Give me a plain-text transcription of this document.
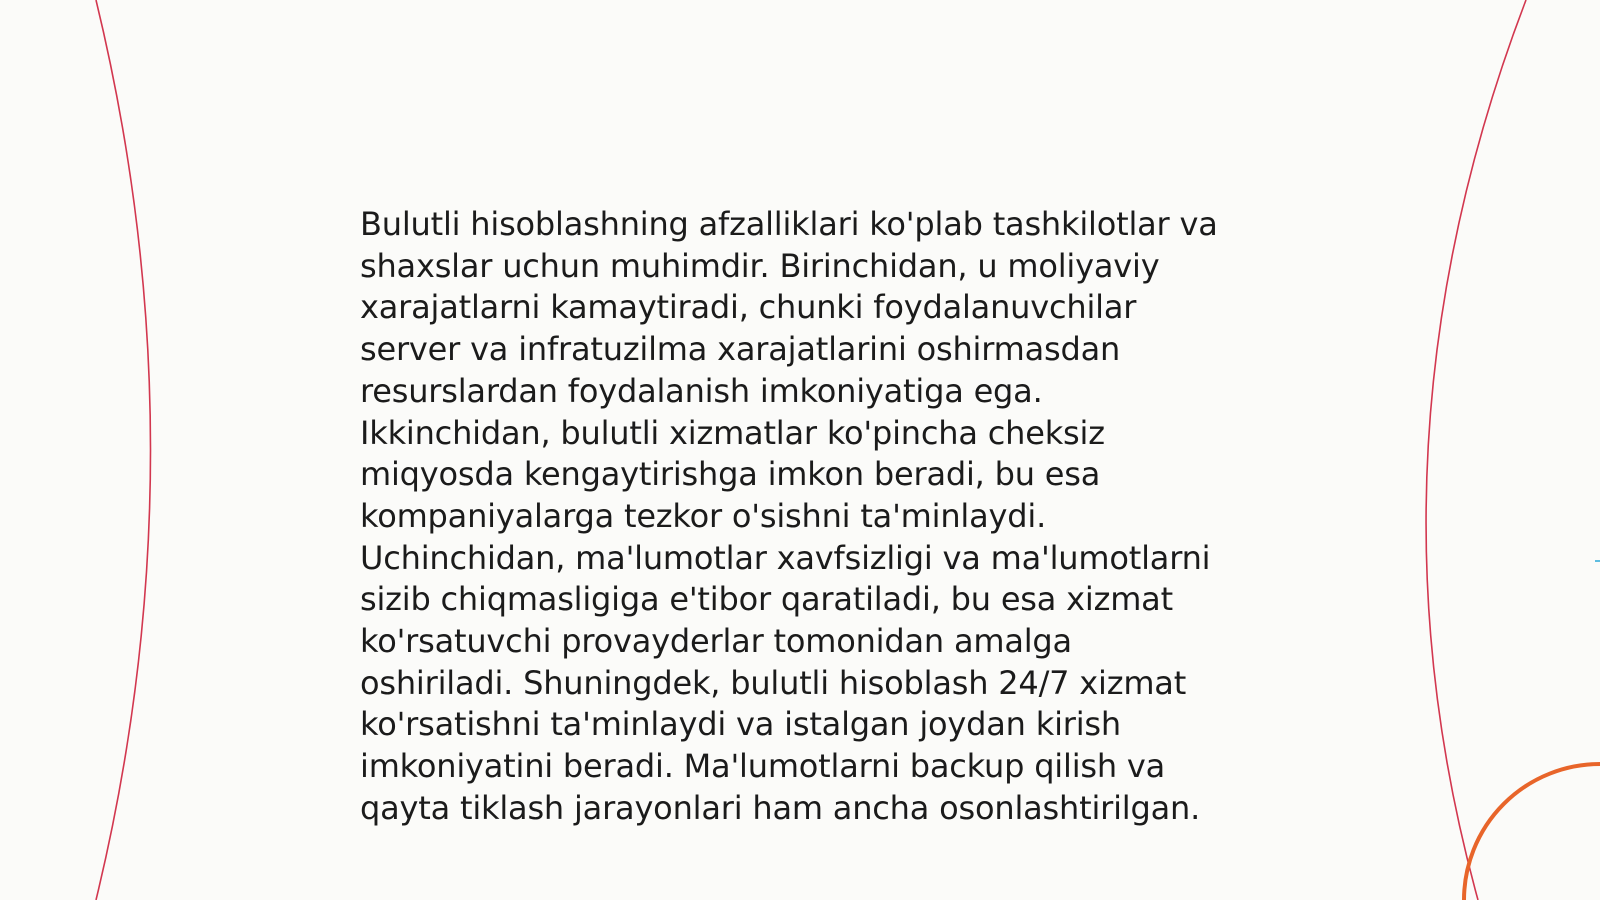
Bulutli hisoblashning afzalliklari ko'plab tashkilotlar va
shaxslar uchun muhimdir. Birinchidan, u moliyaviy
xarajatlarni kamaytiradi, chunki foydalanuvchilar
server va infratuzilma xarajatlarini oshirmasdan
resurslardan foydalanish imkoniyatiga ega.
Ikkinchidan, bulutli xizmatlar ko'pincha cheksiz
miqyosda kengaytirishga imkon beradi, bu esa
kompaniyalarga tezkor o'sishni ta'minlaydi.
Uchinchidan, ma'lumotlar xavfsizligi va ma'lumotlarni
sizib chiqmasligiga e'tibor qaratiladi, bu esa xizmat
ko'rsatuvchi provayderlar tomonidan amalga
oshiriladi. Shuningdek, bulutli hisoblash 24/7 xizmat
ko'rsatishni ta'minlaydi va istalgan joydan kirish
imkoniyatini beradi. Ma'lumotlarni backup qilish va
qayta tiklash jarayonlari ham ancha osonlashtirilgan.
